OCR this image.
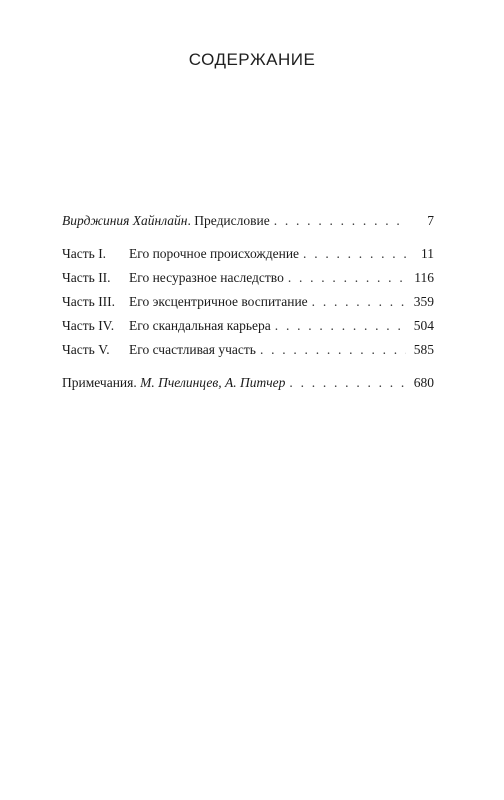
СОДЕРЖАНИЕ
Вирджиния Хайнлайн. Предисловие . . .	7
Часть I.	Его порочное происхождение . . .	11
Часть II.	Его несуразное наследство . . .	116
Часть III.	Его эксцентричное воспитание . . .	359
Часть IV.	Его скандальная карьера . . .	504
Часть V.	Его счастливая участь . . .	585
Примечания. М. Пчелинцев, А. Питчер . . .	680
